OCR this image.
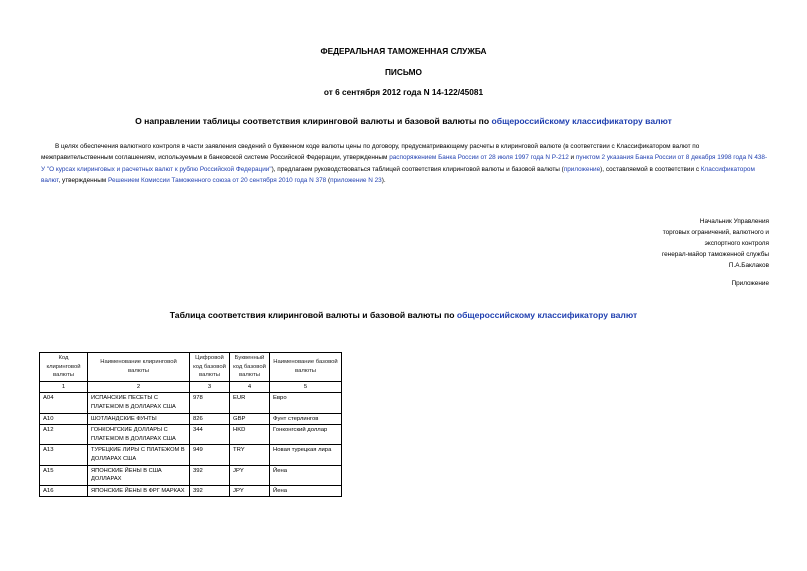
ФЕДЕРАЛЬНАЯ ТАМОЖЕННАЯ СЛУЖБА
ПИСЬМО
от 6 сентября 2012 года N 14-122/45081
О направлении таблицы соответствия клиринговой валюты и базовой валюты по общероссийскому классификатору валют
В целях обеспечения валютного контроля в части заявления сведений о буквенном коде валюты цены по договору, предусматривающему расчеты в клиринговой валюте (в соответствии с Классификатором валют по межправительственным соглашениям, используемым в банковской системе Российской Федерации, утвержденным распоряжением Банка России от 28 июля 1997 года N Р-212 и пунктом 2 указания Банка России от 8 декабря 1998 года N 438-У "О курсах клиринговых и расчетных валют к рублю Российской Федерации"), предлагаем руководствоваться таблицей соответствия клиринговой валюты и базовой валюты (приложение), составляемой в соответствии с Классификатором валют, утвержденным Решением Комиссии Таможенного союза от 20 сентября 2010 года N 378 (приложение N 23).
Начальник Управления
торговых ограничений, валютного и
экспортного контроля
генерал-майор таможенной службы
П.А.Баклаков
Приложение
Таблица соответствия клиринговой валюты и базовой валюты по общероссийскому классификатору валют
Код клиринговой валюты	Наименование клиринговой валюты	Цифровой код базовой валюты	Буквенный код базовой валюты	Наименование базовой валюты
1	2	3	4	5
А04	ИСПАНСКИЕ ПЕСЕТЫ С ПЛАТЕЖОМ В ДОЛЛАРАХ США	978	EUR	Евро
А10	ШОТЛАНДСКИЕ ФУНТЫ	826	GBP	Фунт стерлингов
А12	ГОНКОНГСКИЕ ДОЛЛАРЫ С ПЛАТЕЖОМ В ДОЛЛАРАХ США	344	HKD	Гонконгский доллар
А13	ТУРЕЦКИЕ ЛИРЫ С ПЛАТЕЖОМ В ДОЛЛАРАХ США	949	TRY	Новая турецкая лира
А15	ЯПОНСКИЕ ЙЕНЫ В США ДОЛЛАРАХ	392	JPY	Йена
А16	ЯПОНСКИЕ ЙЕНЫ В ФРГ МАРКАХ	392	JPY	Йена
